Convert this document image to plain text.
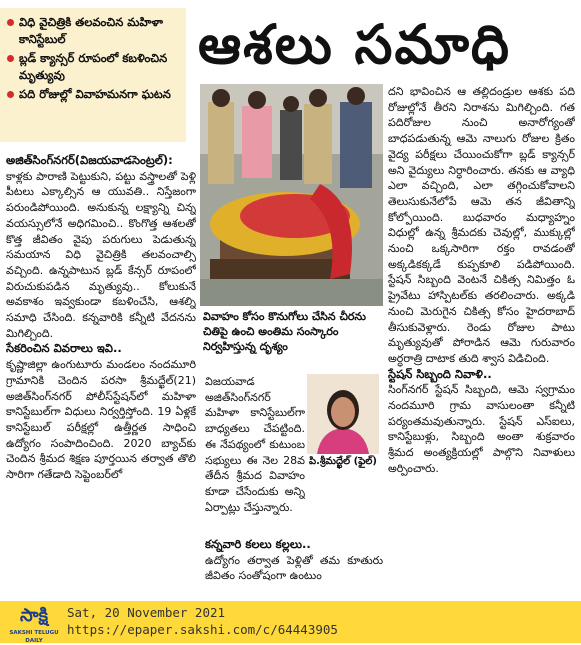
విధి వైచిత్రికి తలవంచిన మహిళా కానిస్టేబుల్
బ్లడ్ క్యాన్సర్ రూపంలో కబళించిన మృత్యువు
పది రోజుల్లో వివాహమనగా ఘటన
ఆశలు సమాధి
వివాహం కోసం కొనుగోలు చేసిన చీరను చితిపై ఉంచి అంతిమ సంస్కారం నిర్వహిస్తున్న దృశ్యం
పి.శ్రీమద్ఖేల్ (ఫైల్)

అజిత్‌సింగ్‌నగర్(విజయవాడసెంట్రల్): కాళ్లకు పారాణి పెట్టుకుని, పట్టు వస్త్రాలతో పెళ్లి పీటలు ఎక్కాల్సిన ఆ యువతి.. నిస్తేజంగా పరుండిపోయింది. అనుకున్న లక్ష్యాన్ని చిన్న వయస్సులోనే అధిగమించి.. కొంగొత్త ఆశలతో కొత్త జీవితం వైపు పరుగులు పెడుతున్న సమయాన విధి వైచిత్రికి తలవంచాల్సి వచ్చింది. ఉన్నపాటున బ్లడ్ కేన్సర్ రూపంలో విరుచుకుపడిన మృత్యువు.. కోలుకునే అవకాశం ఇవ్వకుండా కబళించేసి, ఆశల్ని సమాధి చేసింది. కన్నవారికి కన్నీటి వేదనను మిగిల్చింది.

సేకరించిన వివరాలు ఇవి..

కృష్ణాజిల్లా ఉంగుటూరు మండలం నందమూరి గ్రామానికి చెందిన పరసా శ్రీమద్ఖేల్(21) అజిత్‌సింగ్‌నగర్ పోలీస్‌స్టేషన్‌లో మహిళా కానిస్టేబుల్‌గా విధులు నిర్వర్తిస్తోంది. 19 ఏళ్లకే కానిస్టేబుల్ పరీక్షల్లో ఉత్తీర్ణత సాధించి ఉద్యోగం సంపాదించింది. 2020 బ్యాచ్‌కు చెందిన శ్రీమద శిక్షణ పూర్తయిన తర్వాత తొలి సారిగా గతేడాది సెప్టెంబర్‌లో

విజయవాడ అజిత్‌సింగ్‌నగర్ మహిళా కానిస్టేబుల్‌గా బాధ్యతలు చేపట్టింది. ఈ నేపథ్యంలో కుటుంబ సభ్యులు ఈ నెల 28వ తేదీన శ్రీమద వివాహం కూడా చేసేందుకు అన్ని ఏర్పాట్లు చేస్తున్నారు.

కన్నవారి కలలు కల్లలు..

ఉద్యోగం తర్వాత పెళ్లితో తమ కూతురు జీవితం సంతోషంగా ఉంటుం

దని భావించిన ఆ తల్లిదండ్రుల ఆశకు పది రోజుల్లోనే తీరని నిరాశను మిగిల్చింది. గత పదిరోజుల నుంచి అనారోగ్యంతో బాధపడుతున్న ఆమె నాలుగు రోజుల క్రితం వైద్య పరీక్షలు చేయించుకోగా బ్లడ్ క్యాన్సర్ అని వైద్యులు నిర్ధారించారు. తనకు ఆ వ్యాధి ఎలా వచ్చింది, ఎలా తగ్గించుకోవాలని తెలుసుకునేలోపే ఆమె తన జీవితాన్ని కోల్పోయింది. బుధవారం మధ్యాహ్నం విధుల్లో ఉన్న శ్రీమదకు చెవుల్లో, ముక్కుల్లో నుంచి ఒక్కసారిగా రక్తం రావడంతో అక్కడికక్కడే కుప్పకూలి పడిపోయింది. స్టేషన్ సిబ్బంది వెంటనే చికిత్స నిమిత్తం ఓ ప్రైవేటు హాస్పిటల్‌కు తరలించారు. అక్కడి నుంచి మెరుగైన చికిత్స కోసం హైదరాబాద్ తీసుకువెళ్లారు. రెండు రోజుల పాటు మృత్యువుతో పోరాడిన ఆమె గురువారం అర్ధరాత్రి దాటాక తుది శ్వాస విడిచింది.

స్టేషన్ సిబ్బంది నివాళి..

సింగ్‌నగర్ స్టేషన్ సిబ్బంది, ఆమె స్వగ్రామం నందమూరి గ్రామ వాసులంతా కన్నీటి పర్యంతమవుతున్నారు. స్టేషన్ ఎస్‌ఐలు, కానిస్టేబుళ్లు, సిబ్బంది అంతా శుక్రవారం శ్రీమద అంత్యక్రియల్లో పాల్గొని నివాళులు అర్పించారు.

సాక్షి
SAKSHI TELUGU DAILY
Sat, 20 November 2021
https://epaper.sakshi.com/c/64443905
